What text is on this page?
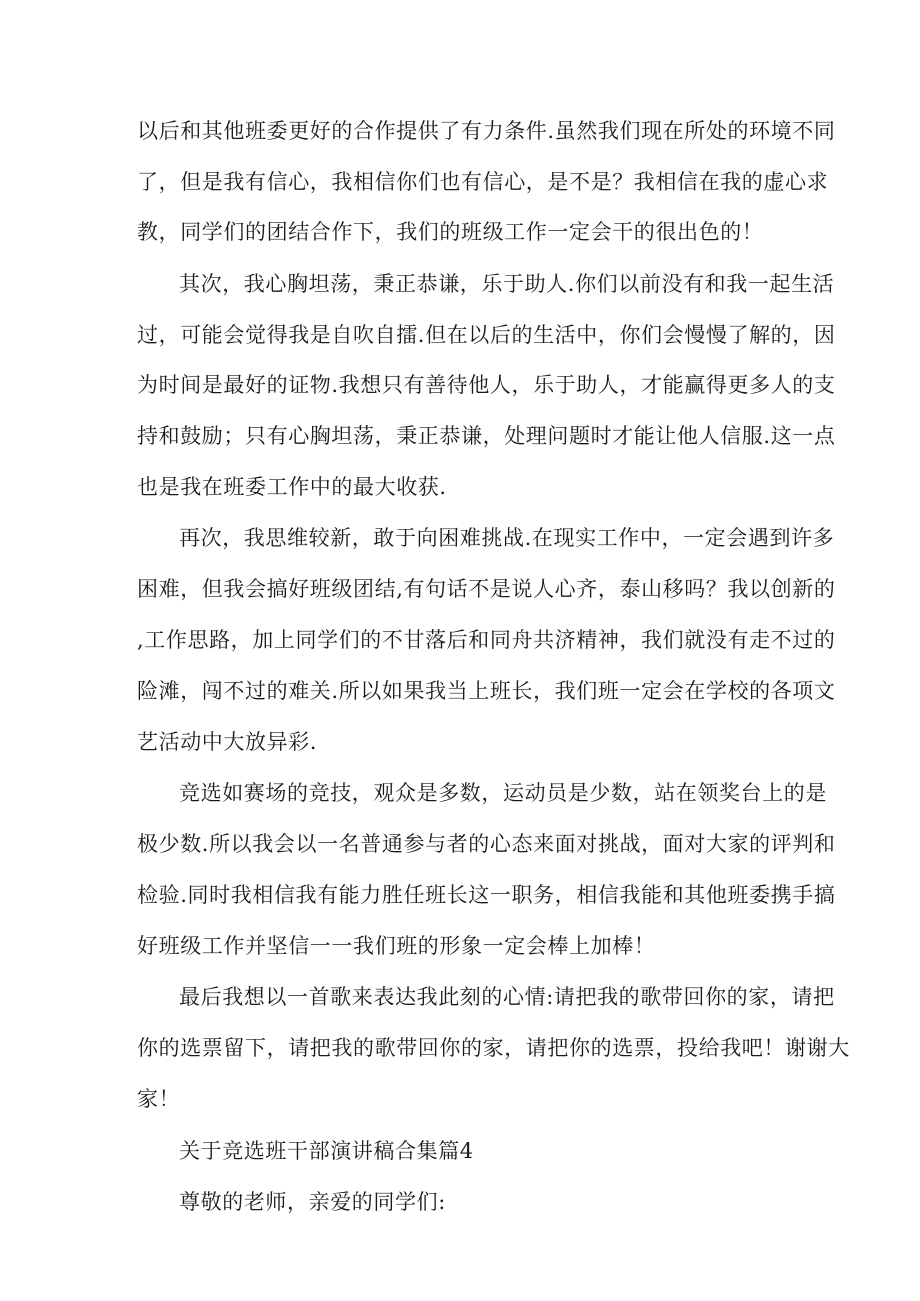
以后和其他班委更好的合作提供了有力条件.虽然我们现在所处的环境不同
了，但是我有信心，我相信你们也有信心，是不是？我相信在我的虚心求
教，同学们的团结合作下，我们的班级工作一定会干的很出色的！
其次，我心胸坦荡，秉正恭谦，乐于助人.你们以前没有和我一起生活
过，可能会觉得我是自吹自擂.但在以后的生活中，你们会慢慢了解的，因
为时间是最好的证物.我想只有善待他人，乐于助人，才能赢得更多人的支
持和鼓励；只有心胸坦荡，秉正恭谦，处理问题时才能让他人信服.这一点
也是我在班委工作中的最大收获.
再次，我思维较新，敢于向困难挑战.在现实工作中，一定会遇到许多
困难，但我会搞好班级团结,有句话不是说人心齐，泰山移吗？我以创新的
,工作思路，加上同学们的不甘落后和同舟共济精神，我们就没有走不过的
险滩，闯不过的难关.所以如果我当上班长，我们班一定会在学校的各项文
艺活动中大放异彩.
竞选如赛场的竞技，观众是多数，运动员是少数，站在领奖台上的是
极少数.所以我会以一名普通参与者的心态来面对挑战，面对大家的评判和
检验.同时我相信我有能力胜任班长这一职务，相信我能和其他班委携手搞
好班级工作并坚信一一我们班的形象一定会棒上加棒！
最后我想以一首歌来表达我此刻的心情:请把我的歌带回你的家，请把
你的选票留下，请把我的歌带回你的家，请把你的选票，投给我吧！谢谢大
家！
关于竞选班干部演讲稿合集篇4
尊敬的老师，亲爱的同学们:
